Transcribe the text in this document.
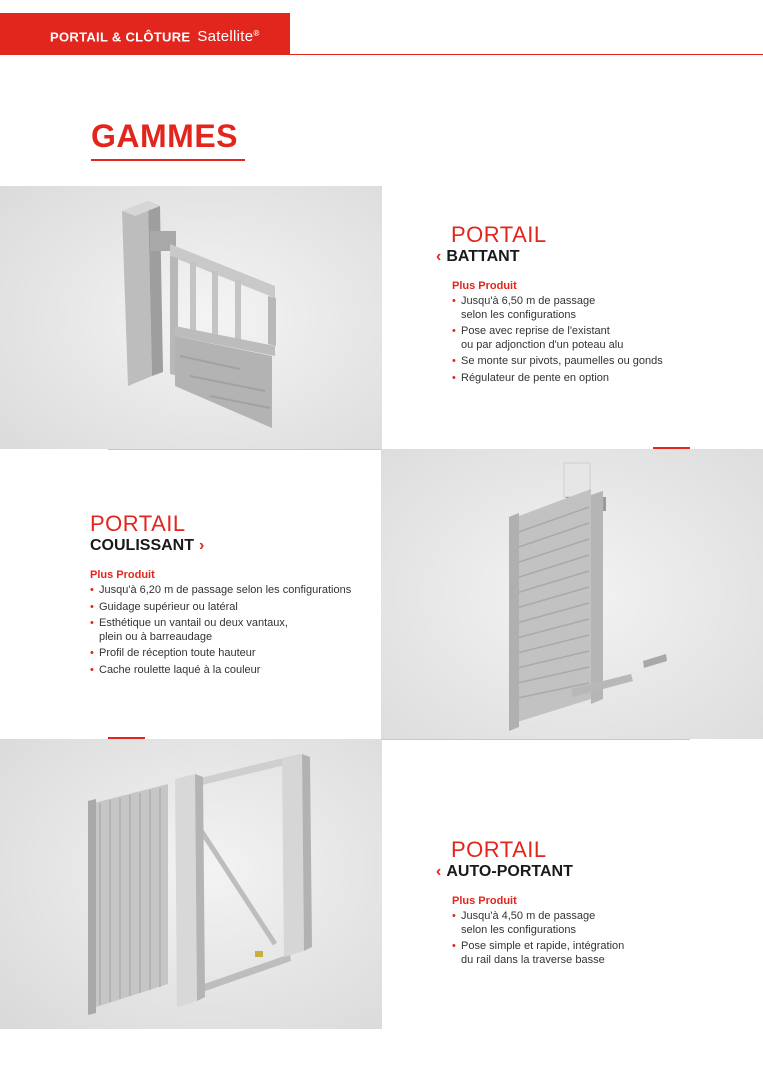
PORTAIL & CLÔTURE Satellite®
GAMMES
PORTAIL
‹ BATTANT
Plus Produit
• Jusqu'à 6,50 m de passage
selon les configurations
• Pose avec reprise de l'existant
ou par adjonction d'un poteau alu
• Se monte sur pivots, paumelles ou gonds
• Régulateur de pente en option
PORTAIL
COULISSANT ›
Plus Produit
• Jusqu'à 6,20 m de passage selon les configurations
• Guidage supérieur ou latéral
• Esthétique un vantail ou deux vantaux,
plein ou à barreaudage
• Profil de réception toute hauteur
• Cache roulette laqué à la couleur
PORTAIL
‹ AUTO-PORTANT
Plus Produit
• Jusqu'à 4,50 m de passage
selon les configurations
• Pose simple et rapide, intégration
du rail dans la traverse basse
